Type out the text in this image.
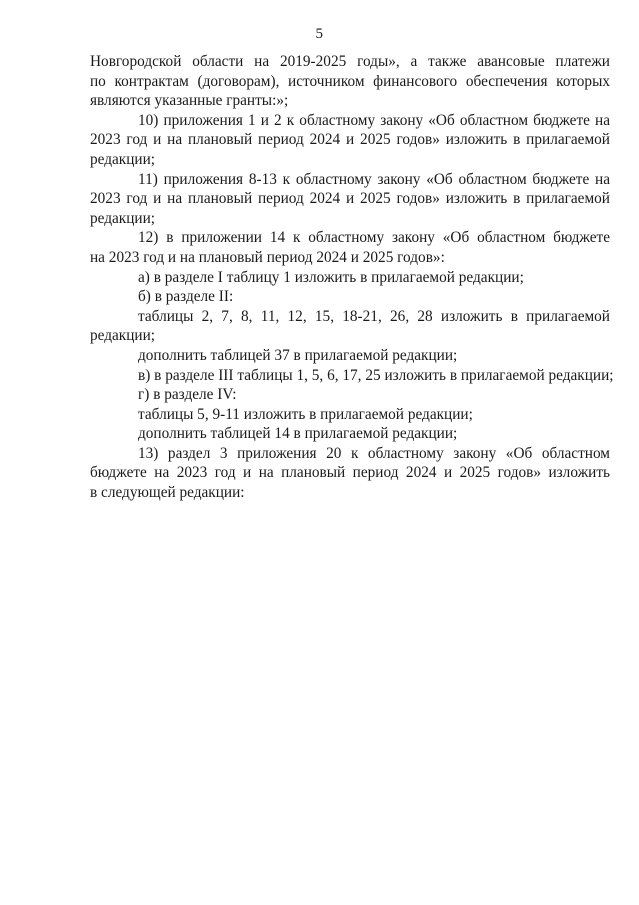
5
Новгородской области на 2019-2025 годы», а также авансовые платежи
по контрактам (договорам), источником финансового обеспечения которых
являются указанные гранты:»;
10) приложения 1 и 2 к областному закону «Об областном бюджете на
2023 год и на плановый период 2024 и 2025 годов» изложить в прилагаемой
редакции;
11) приложения 8-13 к областному закону «Об областном бюджете на
2023 год и на плановый период 2024 и 2025 годов» изложить в прилагаемой
редакции;
12) в приложении 14 к областному закону «Об областном бюджете
на 2023 год и на плановый период 2024 и 2025 годов»:
а) в разделе I таблицу 1 изложить в прилагаемой редакции;
б) в разделе II:
таблицы 2, 7, 8, 11, 12, 15, 18-21, 26, 28 изложить в прилагаемой
редакции;
дополнить таблицей 37 в прилагаемой редакции;
в) в разделе III таблицы 1, 5, 6, 17, 25 изложить в прилагаемой редакции;
г) в разделе IV:
таблицы 5, 9-11 изложить в прилагаемой редакции;
дополнить таблицей 14 в прилагаемой редакции;
13) раздел 3 приложения 20 к областному закону «Об областном
бюджете на 2023 год и на плановый период 2024 и 2025 годов» изложить
в следующей редакции:
